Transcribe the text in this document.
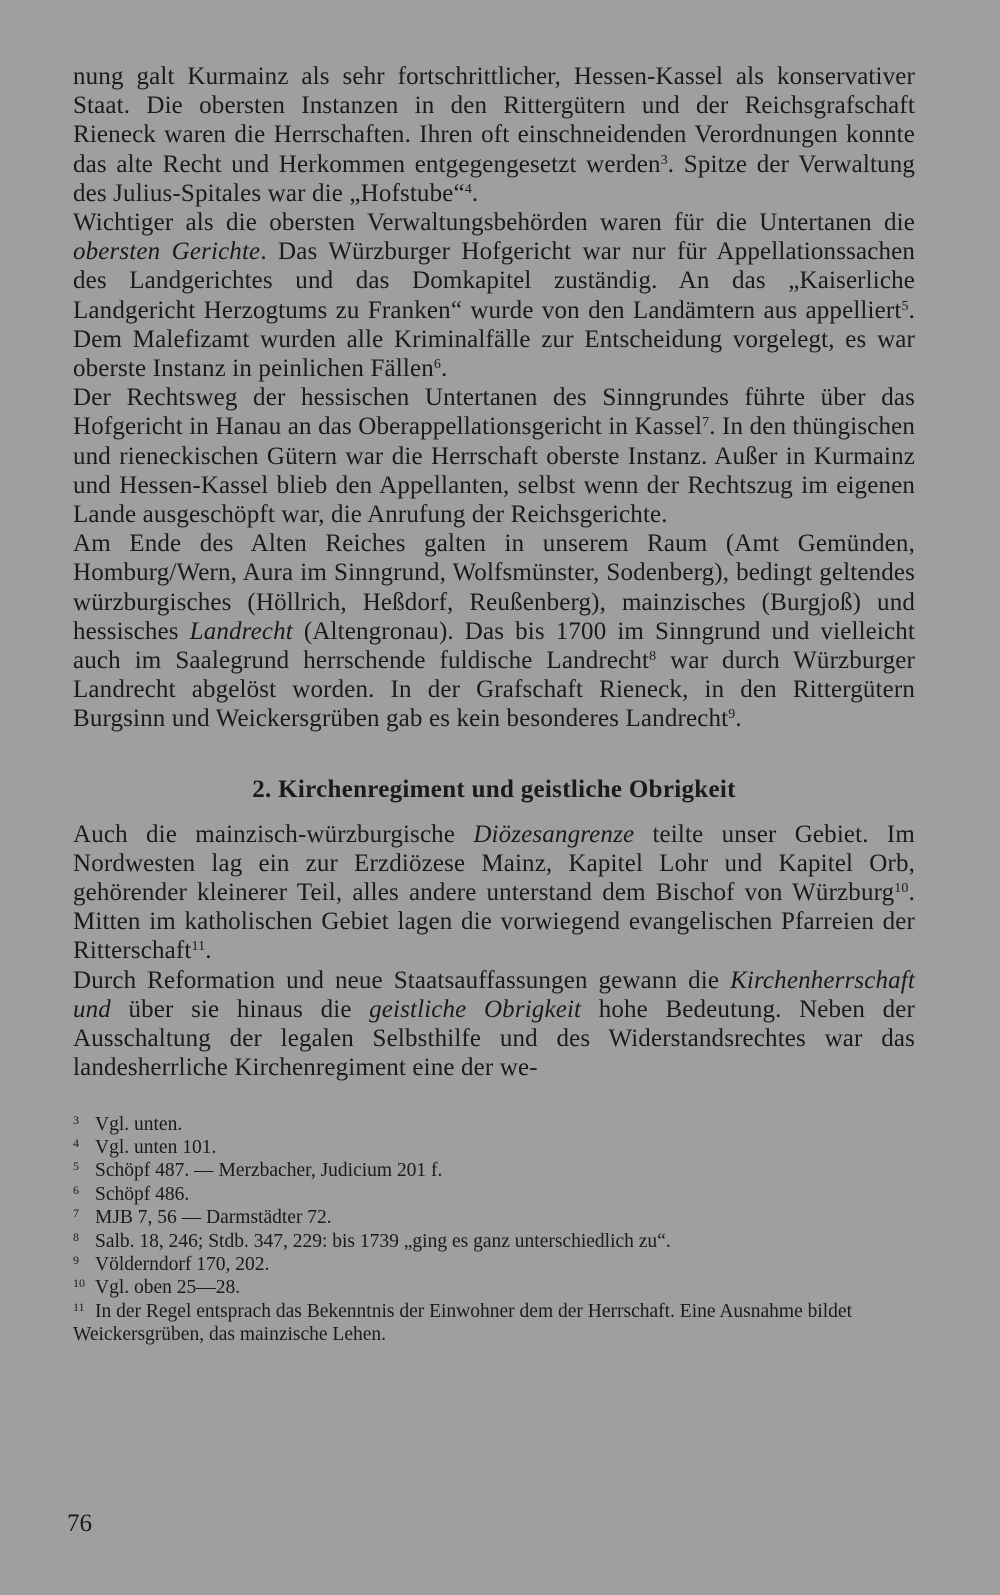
nung galt Kurmainz als sehr fortschrittlicher, Hessen-Kassel als konservativer Staat. Die obersten Instanzen in den Rittergütern und der Reichsgrafschaft Rieneck waren die Herrschaften. Ihren oft einschneidenden Verordnungen konnte das alte Recht und Herkommen entgegengesetzt werden$^3$. Spitze der Verwaltung des Julius-Spitales war die „Hofstube“$^4$.

Wichtiger als die obersten Verwaltungsbehörden waren für die Untertanen die obersten Gerichte. Das Würzburger Hofgericht war nur für Appellationssachen des Landgerichtes und das Domkapitel zuständig. An das „Kaiserliche Landgericht Herzogtums zu Franken“ wurde von den Landämtern aus appelliert$^5$. Dem Malefizamt wurden alle Kriminalfälle zur Entscheidung vorgelegt, es war oberste Instanz in peinlichen Fällen$^6$.

Der Rechtsweg der hessischen Untertanen des Sinngrundes führte über das Hofgericht in Hanau an das Oberappellationsgericht in Kassel$^7$. In den thüngischen und rieneckischen Gütern war die Herrschaft oberste Instanz. Außer in Kurmainz und Hessen-Kassel blieb den Appellanten, selbst wenn der Rechtszug im eigenen Lande ausgeschöpft war, die Anrufung der Reichsgerichte.

Am Ende des Alten Reiches galten in unserem Raum (Amt Gemünden, Homburg/Wern, Aura im Sinngrund, Wolfsmünster, Sodenberg), bedingt geltendes würzburgisches (Höllrich, Heßdorf, Reußenberg), mainzisches (Burgjoß) und hessisches Landrecht (Altengronau). Das bis 1700 im Sinngrund und vielleicht auch im Saalegrund herrschende fuldische Landrecht$^8$ war durch Würzburger Landrecht abgelöst worden. In der Grafschaft Rieneck, in den Rittergütern Burgsinn und Weickersgrüben gab es kein besonderes Landrecht$^9$.

2. Kirchenregiment und geistliche Obrigkeit

Auch die mainzisch-würzburgische Diözesangrenze teilte unser Gebiet. Im Nordwesten lag ein zur Erzdiözese Mainz, Kapitel Lohr und Kapitel Orb, gehörender kleinerer Teil, alles andere unterstand dem Bischof von Würzburg$^{10}$. Mitten im katholischen Gebiet lagen die vorwiegend evangelischen Pfarreien der Ritterschaft$^{11}$.

Durch Reformation und neue Staatsauffassungen gewann die Kirchenherrschaft und über sie hinaus die geistliche Obrigkeit hohe Bedeutung. Neben der Ausschaltung der legalen Selbsthilfe und des Widerstandsrechtes war das landesherrliche Kirchenregiment eine der we-

$^3$ Vgl. unten.
$^4$ Vgl. unten 101.
$^5$ Schöpf 487. — Merzbacher, Judicium 201 f.
$^6$ Schöpf 486.
$^7$ MJB 7, 56 — Darmstädter 72.
$^8$ Salb. 18, 246; Stdb. 347, 229: bis 1739 „ging es ganz unterschiedlich zu“.
$^9$ Völderndorf 170, 202.
$^{10}$ Vgl. oben 25—28.
$^{11}$ In der Regel entsprach das Bekenntnis der Einwohner dem der Herrschaft. Eine Ausnahme bildet Weickersgrüben, das mainzische Lehen.
76
